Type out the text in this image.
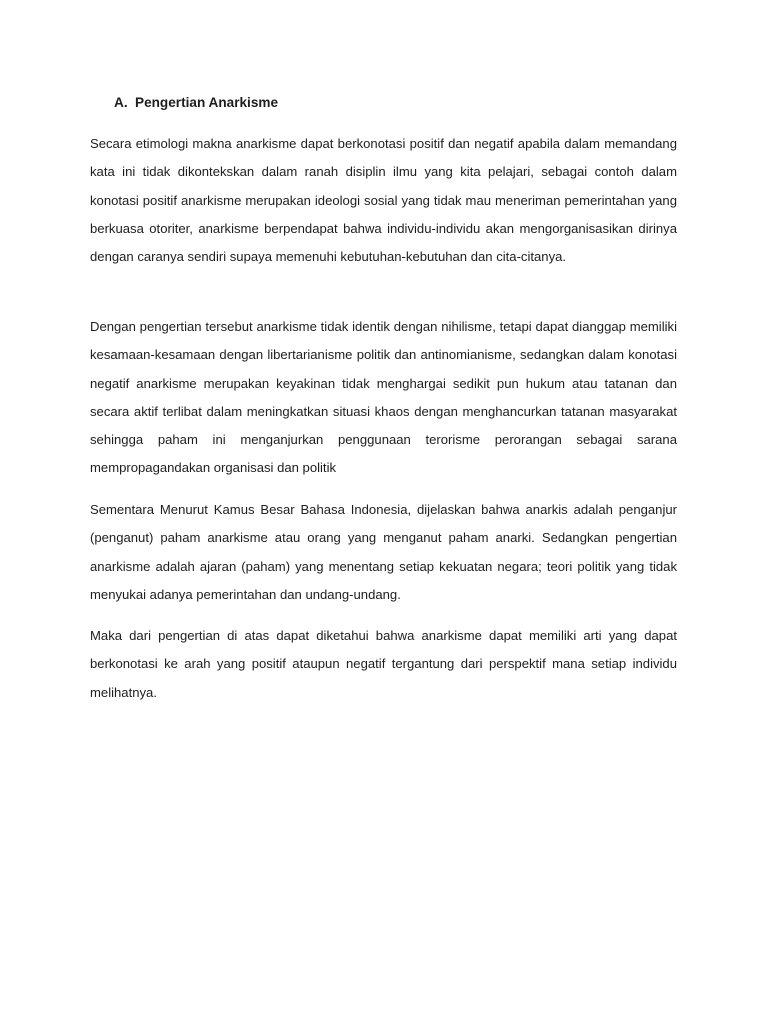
A. Pengertian Anarkisme

Secara etimologi makna anarkisme dapat berkonotasi positif dan negatif apabila dalam memandang kata ini tidak dikontekskan dalam ranah disiplin ilmu yang kita pelajari, sebagai contoh dalam konotasi positif anarkisme merupakan ideologi sosial yang tidak mau meneriman pemerintahan yang berkuasa otoriter, anarkisme berpendapat bahwa individu-individu akan mengorganisasikan dirinya dengan caranya sendiri supaya memenuhi kebutuhan-kebutuhan dan cita-citanya.

Dengan pengertian tersebut anarkisme tidak identik dengan nihilisme, tetapi dapat dianggap memiliki kesamaan-kesamaan dengan libertarianisme politik dan antinomianisme, sedangkan dalam konotasi negatif anarkisme merupakan keyakinan tidak menghargai sedikit pun hukum atau tatanan dan secara aktif terlibat dalam meningkatkan situasi khaos dengan menghancurkan tatanan masyarakat sehingga paham ini menganjurkan penggunaan terorisme perorangan sebagai sarana mempropagandakan organisasi dan politik

Sementara Menurut Kamus Besar Bahasa Indonesia, dijelaskan bahwa anarkis adalah penganjur (penganut) paham anarkisme atau orang yang menganut paham anarki. Sedangkan pengertian anarkisme adalah ajaran (paham) yang menentang setiap kekuatan negara; teori politik yang tidak menyukai adanya pemerintahan dan undang-undang.

Maka dari pengertian di atas dapat diketahui bahwa anarkisme dapat memiliki arti yang dapat berkonotasi ke arah yang positif ataupun negatif tergantung dari perspektif mana setiap individu melihatnya.
